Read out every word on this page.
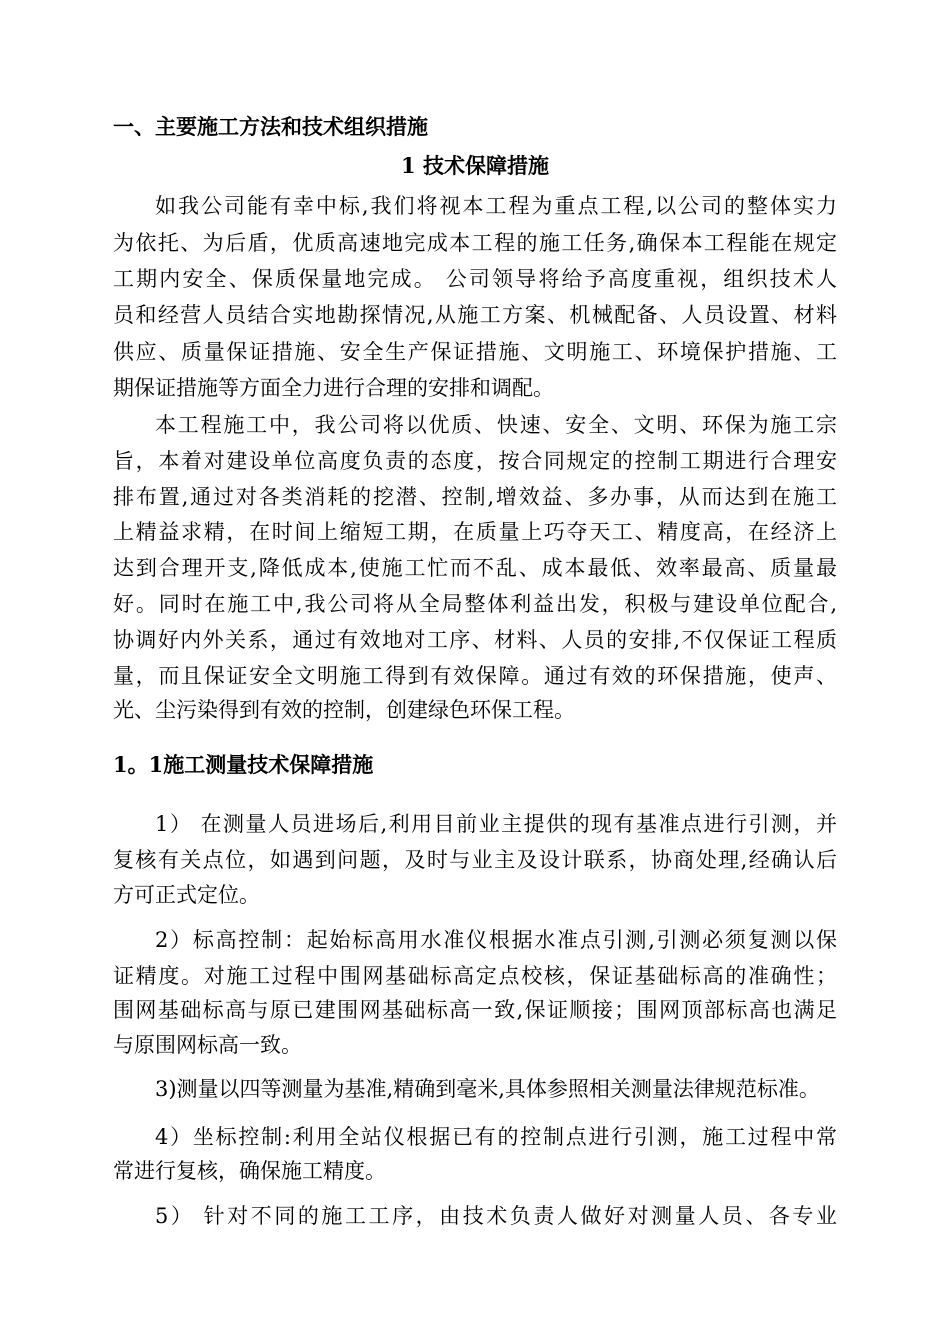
一、主要施工方法和技术组织措施
1 技术保障措施
如我公司能有幸中标,我们将视本工程为重点工程,以公司的整体实力
为依托、为后盾，优质高速地完成本工程的施工任务,确保本工程能在规定
工期内安全、保质保量地完成。 公司领导将给予高度重视，组织技术人
员和经营人员结合实地勘探情况,从施工方案、机械配备、人员设置、材料
供应、质量保证措施、安全生产保证措施、文明施工、环境保护措施、工
期保证措施等方面全力进行合理的安排和调配。
本工程施工中，我公司将以优质、快速、安全、文明、环保为施工宗
旨，本着对建设单位高度负责的态度，按合同规定的控制工期进行合理安
排布置,通过对各类消耗的挖潜、控制,增效益、多办事，从而达到在施工
上精益求精，在时间上缩短工期，在质量上巧夺天工、精度高，在经济上
达到合理开支,降低成本,使施工忙而不乱、成本最低、效率最高、质量最
好。同时在施工中,我公司将从全局整体利益出发，积极与建设单位配合,
协调好内外关系，通过有效地对工序、材料、人员的安排,不仅保证工程质
量，而且保证安全文明施工得到有效保障。通过有效的环保措施，使声、
光、尘污染得到有效的控制，创建绿色环保工程。
1。1施工测量技术保障措施
1） 在测量人员进场后,利用目前业主提供的现有基准点进行引测，并
复核有关点位，如遇到问题，及时与业主及设计联系，协商处理,经确认后
方可正式定位。
2）标高控制：起始标高用水准仪根据水准点引测,引测必须复测以保
证精度。对施工过程中围网基础标高定点校核，保证基础标高的准确性；
围网基础标高与原已建围网基础标高一致,保证顺接；围网顶部标高也满足
与原围网标高一致。
3)测量以四等测量为基准,精确到毫米,具体参照相关测量法律规范标准。
4）坐标控制:利用全站仪根据已有的控制点进行引测，施工过程中常
常进行复核，确保施工精度。
5） 针对不同的施工工序，由技术负责人做好对测量人员、各专业
